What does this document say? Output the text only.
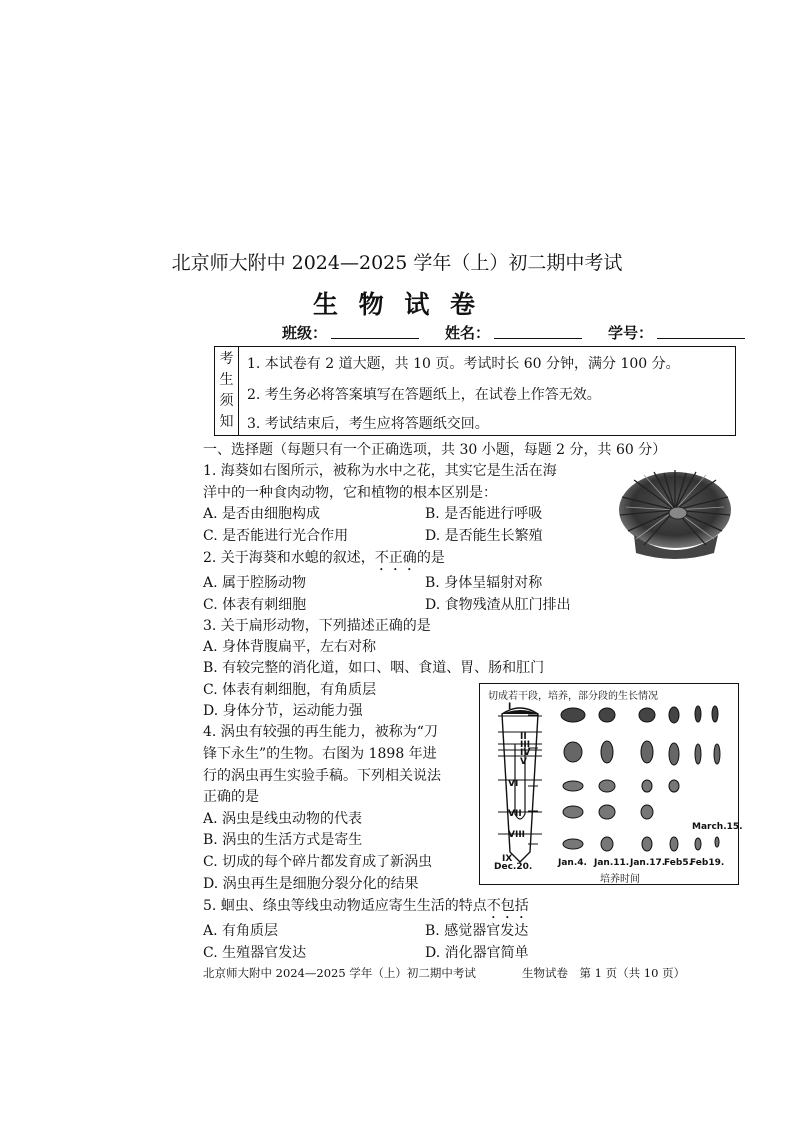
北京师大附中 2024—2025 学年（上）初二期中考试
生 物 试 卷
班级：	姓名：	学号：
考
生
须
知
1. 本试卷有 2 道大题，共 10 页。考试时长 60 分钟，满分 100 分。
2. 考生务必将答案填写在答题纸上，在试卷上作答无效。
3. 考试结束后，考生应将答题纸交回。
一、选择题（每题只有一个正确选项，共 30 小题，每题 2 分，共 60 分）
1. 海葵如右图所示，被称为水中之花，其实它是生活在海
洋中的一种食肉动物，它和植物的根本区别是：
A. 是否由细胞构成	B. 是否能进行呼吸
C. 是否能进行光合作用	D. 是否能生长繁殖
2. 关于海葵和水螅的叙述，不正确的是
A. 属于腔肠动物	B. 身体呈辐射对称
C. 体表有刺细胞	D. 食物残渣从肛门排出
3. 关于扁形动物，下列描述正确的是
A. 身体背腹扁平，左右对称
B. 有较完整的消化道，如口、咽、食道、胃、肠和肛门
C. 体表有刺细胞，有角质层
D. 身体分节，运动能力强
4. 涡虫有较强的再生能力，被称为“刀
锋下永生”的生物。右图为 1898 年进
行的涡虫再生实验手稿。下列相关说法
正确的是
A. 涡虫是线虫动物的代表
B. 涡虫的生活方式是寄生
C. 切成的每个碎片都发育成了新涡虫
D. 涡虫再生是细胞分裂分化的结果
切成若干段，培养，部分段的生长情况
I
II
III
IV
V
VI
VII
VIII
IX
Dec.20.	Jan.4. Jan.11. Jan.17.
Feb5.
Feb19.
March.15.
培养时间
5. 蛔虫、绦虫等线虫动物适应寄生生活的特点不包括
A. 有角质层	B. 感觉器官发达
C. 生殖器官发达	D. 消化器官简单
北京师大附中 2024—2025 学年（上）初二期中考试	生物试卷　第 1 页（共 10 页）
